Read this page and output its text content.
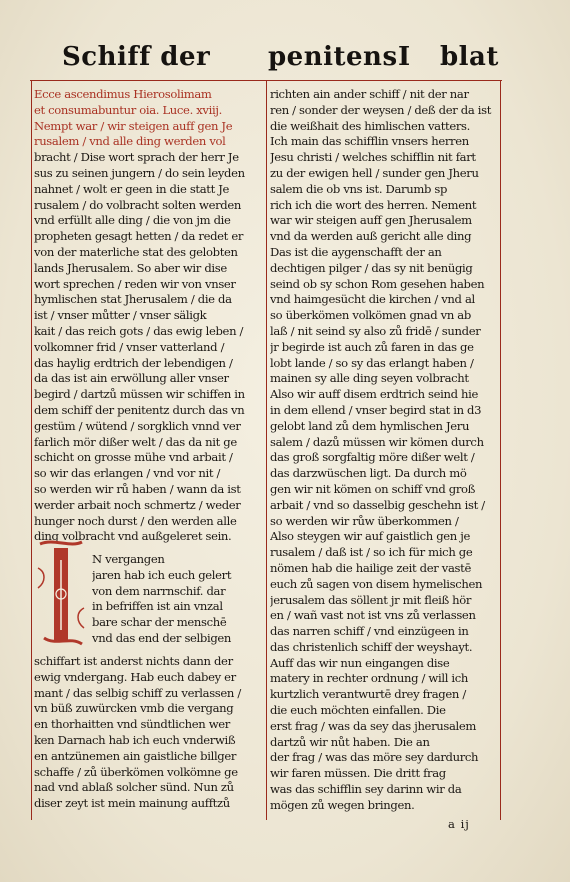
Schiff der penitens I blat
Ecce ascendimus Hierosolimam
et consumabuntur oia. Luce. xviij.
Nempt war / wir steigen auff gen Je
rusalem / vnd alle ding werden vol
bracht / Dise wort sprach der herr Je
sus zu seinen jungern / do sein leyden
nahnet / wolt er geen in die statt Je
rusalem / do volbracht solten werden
vnd erfüllt alle ding / die von jm die
propheten gesagt hetten / da redet er
von der materliche stat des gelobten
lands Jherusalem. So aber wir dise
wort sprechen / reden wir von vnser
hymlischen stat Jherusalem / die da
ist / vnser můtter / vnser säligk
kait / das reich gots / das ewig leben /
volkomner frid / vnser vatterland /
das haylig erdtrich der lebendigen /
da das ist ain erwöllung aller vnser
begird / dartzů müssen wir schiffen in
dem schiff der penitentz durch das vn
gestüm / wütend / sorgklich vnnd ver
farlich mör dißer welt / das da nit ge
schicht on grosse mühe vnd arbait /
so wir das erlangen / vnd vor nit /
so werden wir rů haben / wann da ist
werder arbait noch schmertz / weder
hunger noch durst / den werden alle
ding volbracht vnd außgeleret sein.
N vergangen
jaren hab ich euch gelert
von dem narrnschif. dar
in befriffen ist ain vnzal
bare schar der menschē
vnd das end der selbigen
schiffart ist anderst nichts dann der
ewig vndergang. Hab euch dabey er
mant / das selbig schiff zu verlassen /
vn büß zuwürcken vmb die vergang
en thorhaitten vnd sündtlichen wer
ken Darnach hab ich euch vnderwiß
en antzünemen ain gaistliche billger
schaffe / zů überkömen volkömne ge
nad vnd ablaß solcher sünd. Nun zů
diser zeyt ist mein mainung aufftzů
richten ain ander schiff / nit der nar
ren / sonder der weysen / deß der da ist
die weißhait des himlischen vatters.
Ich main das schifflin vnsers herren
Jesu christi / welches schifflin nit fart
zu der ewigen hell / sunder gen Jheru
salem die ob vns ist. Darumb sp
rich ich die wort des herren. Nement
war wir steigen auff gen Jherusalem
vnd da werden auß gericht alle ding
Das ist die aygenschafft der an
dechtigen pilger / das sy nit benügig
seind ob sy schon Rom gesehen haben
vnd haimgesücht die kirchen / vnd al
so überkömen volkömen gnad vn ab
laß / nit seind sy also zů fridē / sunder
jr begirde ist auch zů faren in das ge
lobt lande / so sy das erlangt haben /
mainen sy alle ding seyen volbracht
Also wir auff disem erdtrich seind hie
in dem ellend / vnser begird stat in d3
gelobt land zů dem hymlischen Jeru
salem / dazů müssen wir kömen durch
das groß sorgfaltig möre dißer welt /
das darzwüschen ligt. Da durch mö
gen wir nit kömen on schiff vnd groß
arbait / vnd so dasselbig geschehn ist /
so werden wir růw überkommen /
Also steygen wir auf gaistlich gen je
rusalem / daß ist / so ich für mich ge
nömen hab die hailige zeit der vastē
euch zů sagen von disem hymelischen
jerusalem das söllent jr mit fleiß hör
en / wañ vast not ist vns zů verlassen
das narren schiff / vnd einzügeen in
das christenlich schiff der weyshayt.
Auff das wir nun eingangen dise
matery in rechter ordnung / will ich
kurtzlich verantwurtē drey fragen /
die euch möchten einfallen. Die
erst frag / was da sey das jherusalem
dartzů wir nůt haben. Die an
der frag / was das möre sey dardurch
wir faren müssen. Die dritt frag
was das schifflin sey darinn wir da
mögen zů wegen bringen.
a ij
